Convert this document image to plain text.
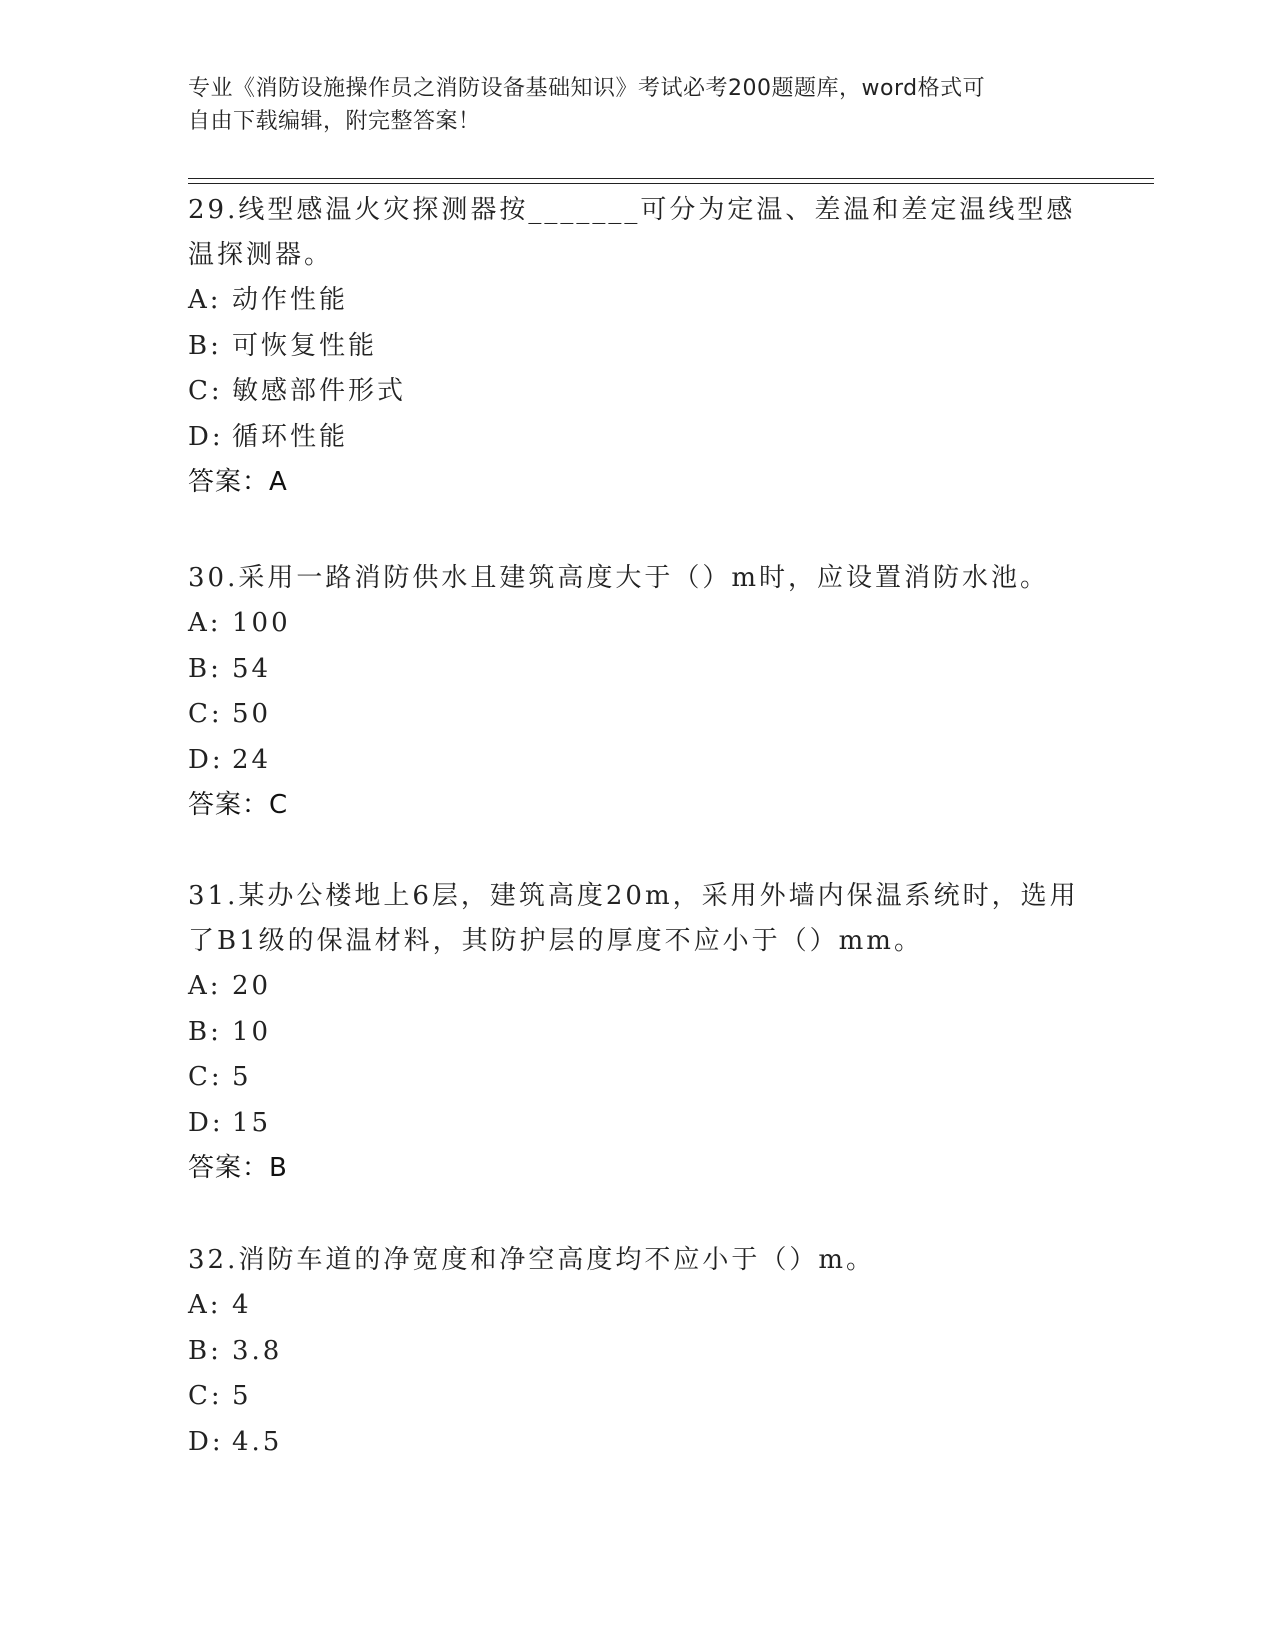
专业《消防设施操作员之消防设备基础知识》考试必考200题题库，word格式可
自由下载编辑，附完整答案！
29.线型感温火灾探测器按_______可分为定温、差温和差定温线型感
温探测器。
A: 动作性能
B: 可恢复性能
C: 敏感部件形式
D: 循环性能
答案：A
30.采用一路消防供水且建筑高度大于（）m时，应设置消防水池。
A: 100
B: 54
C: 50
D: 24
答案：C
31.某办公楼地上6层，建筑高度20m，采用外墙内保温系统时，选用
了B1级的保温材料，其防护层的厚度不应小于（）mm。
A: 20
B: 10
C: 5
D: 15
答案：B
32.消防车道的净宽度和净空高度均不应小于（）m。
A: 4
B: 3.8
C: 5
D: 4.5
